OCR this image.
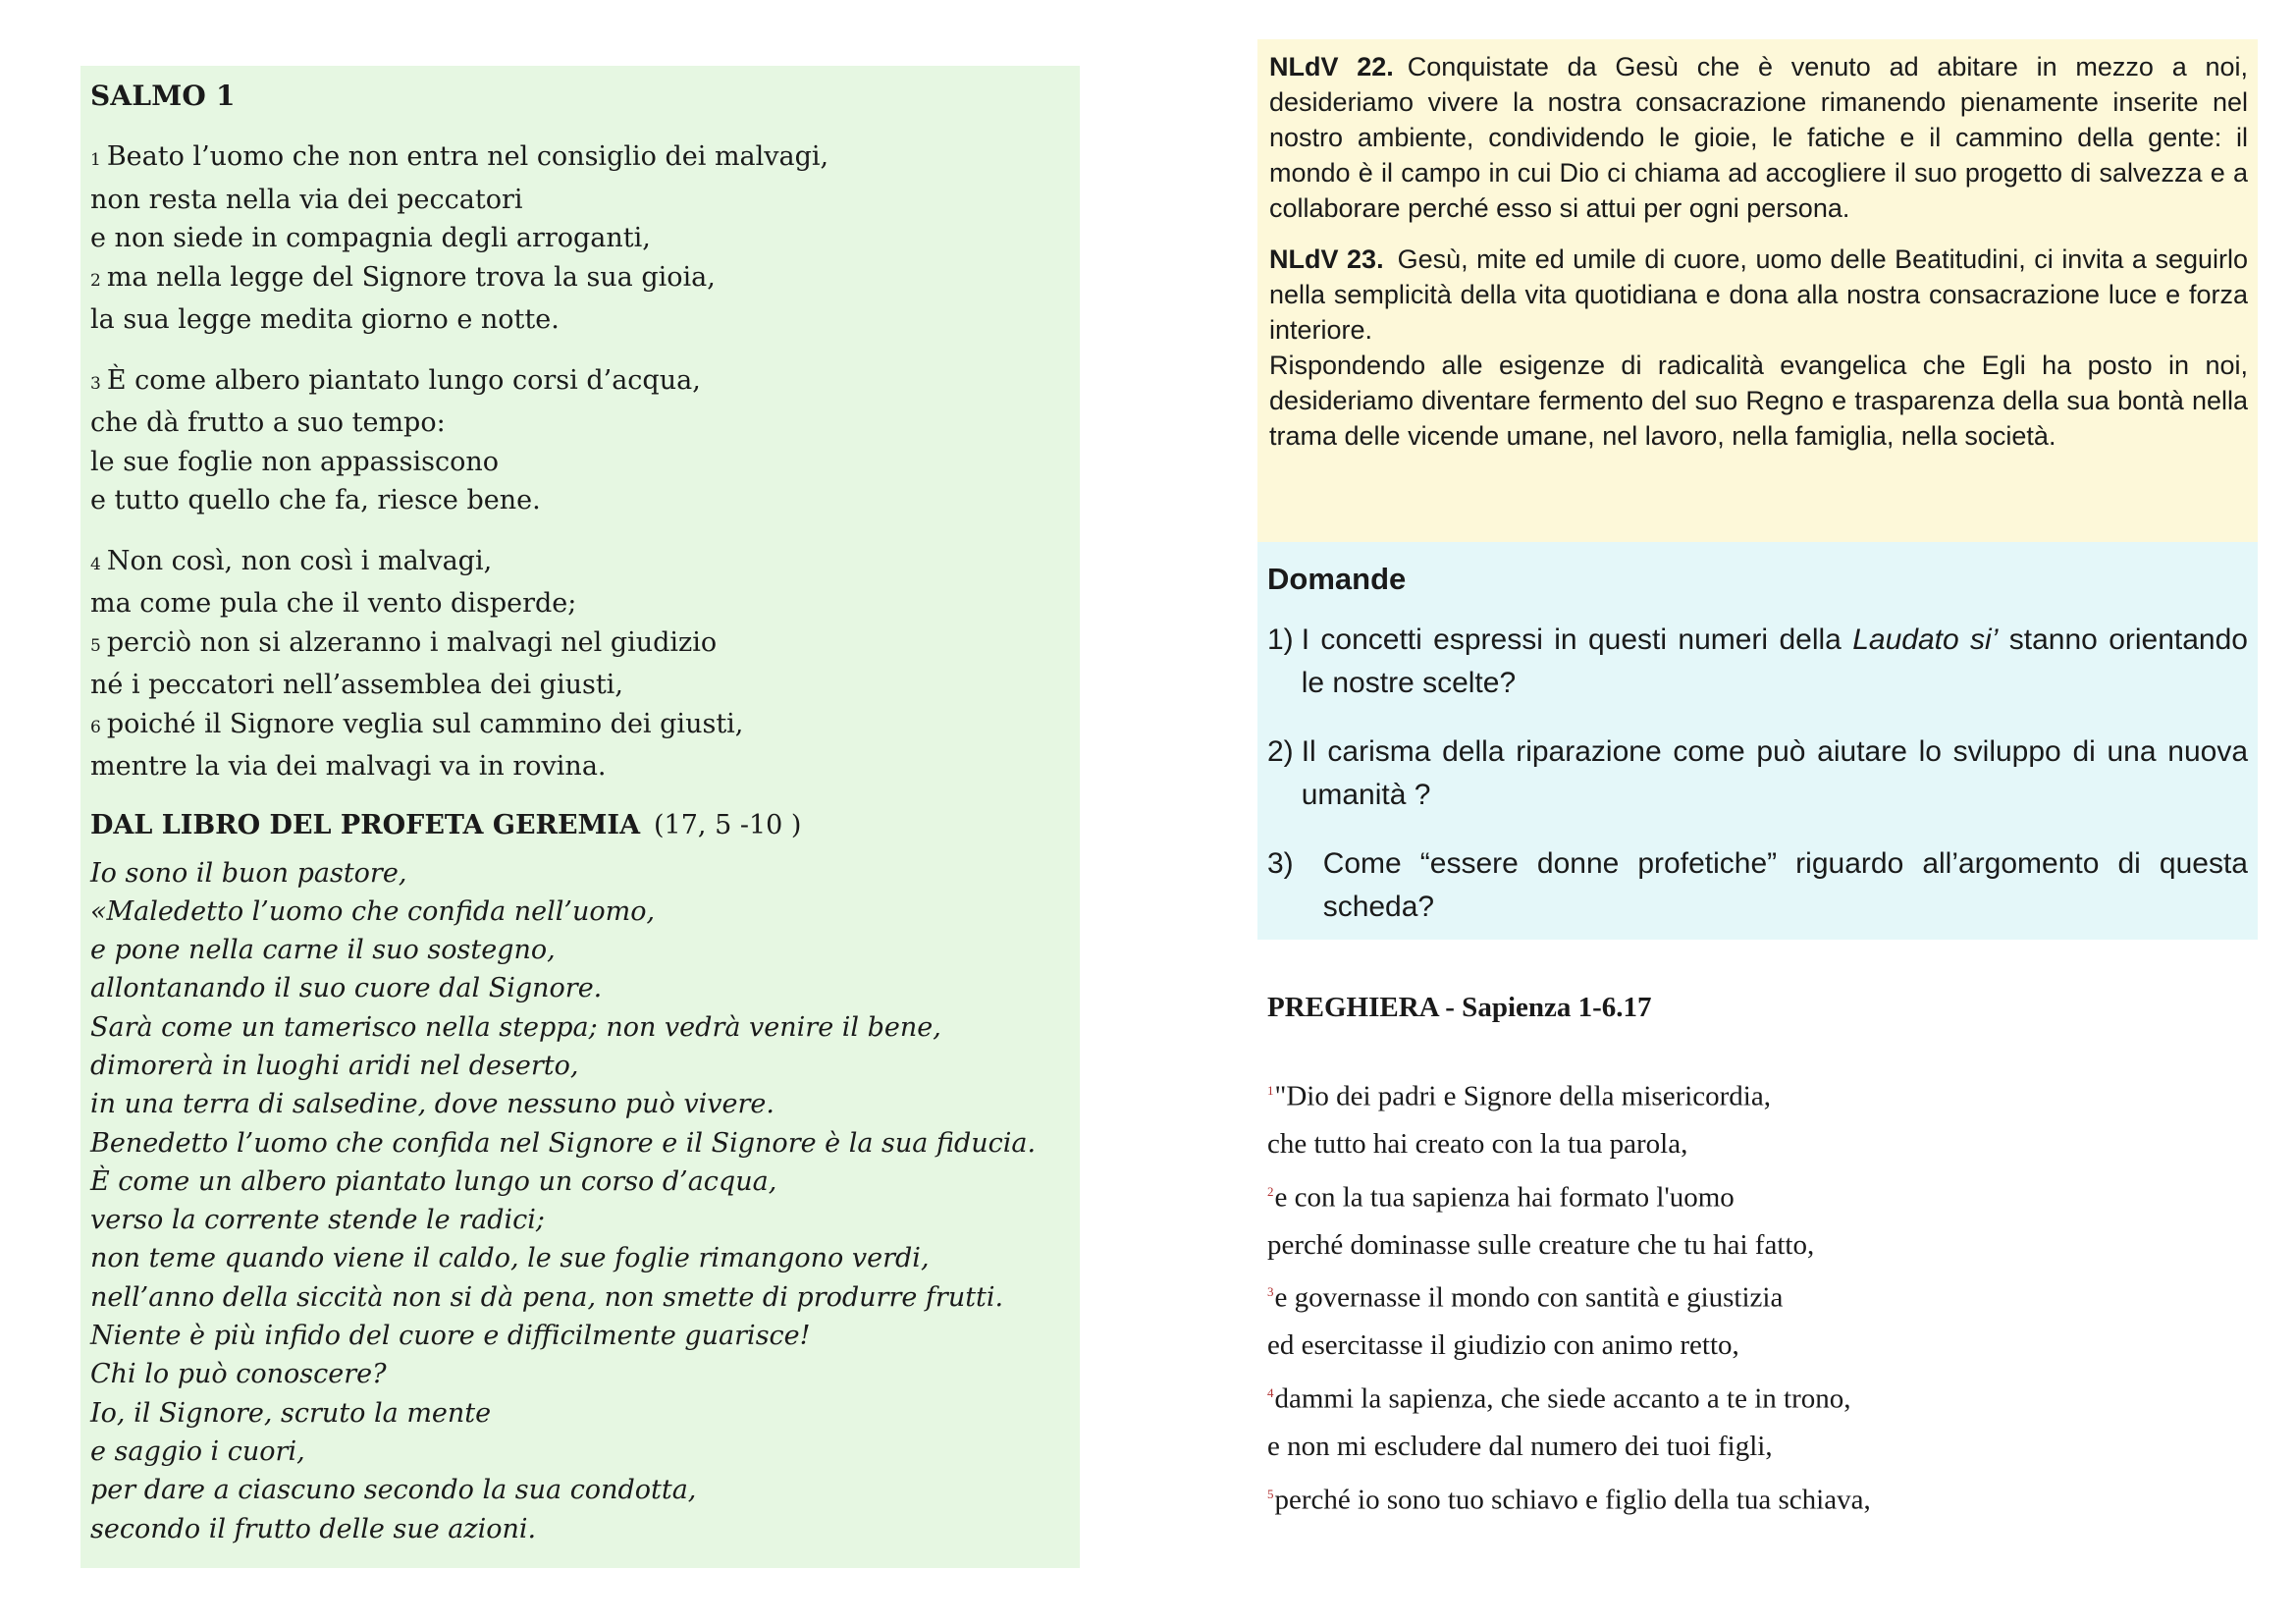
SALMO 1
1 Beato l’uomo che non entra nel consiglio dei malvagi,
non resta nella via dei peccatori
e non siede in compagnia degli arroganti,
2 ma nella legge del Signore trova la sua gioia,
la sua legge medita giorno e notte.
3 È come albero piantato lungo corsi d’acqua,
che dà frutto a suo tempo:
le sue foglie non appassiscono
e tutto quello che fa, riesce bene.
4 Non così, non così i malvagi,
ma come pula che il vento disperde;
5 perciò non si alzeranno i malvagi nel giudizio
né i peccatori nell’assemblea dei giusti,
6 poiché il Signore veglia sul cammino dei giusti,
mentre la via dei malvagi va in rovina.
DAL LIBRO DEL PROFETA GEREMIA (17, 5 -10 )
Io sono il buon pastore,
«Maledetto l’uomo che confida nell’uomo,
e pone nella carne il suo sostegno,
allontanando il suo cuore dal Signore.
Sarà come un tamerisco nella steppa; non vedrà venire il bene,
dimorerà in luoghi aridi nel deserto,
in una terra di salsedine, dove nessuno può vivere.
Benedetto l’uomo che confida nel Signore e il Signore è la sua fiducia.
È come un albero piantato lungo un corso d’acqua,
verso la corrente stende le radici;
non teme quando viene il caldo, le sue foglie rimangono verdi,
nell’anno della siccità non si dà pena, non smette di produrre frutti.
Niente è più infido del cuore e difficilmente guarisce!
Chi lo può conoscere?
Io, il Signore, scruto la mente
e saggio i cuori,
per dare a ciascuno secondo la sua condotta,
secondo il frutto delle sue azioni.
NLdV 22. Conquistate da Gesù che è venuto ad abitare in mezzo a noi, desideriamo vivere la nostra consacrazione rimanendo pienamente inserite nel nostro ambiente, condividendo le gioie, le fatiche e il cammino della gente: il mondo è il campo in cui Dio ci chiama ad accogliere il suo progetto di salvezza e a collaborare perché esso si attui per ogni persona.
NLdV 23. Gesù, mite ed umile di cuore, uomo delle Beatitudini, ci invita a seguirlo nella semplicità della vita quotidiana e dona alla nostra consacrazione luce e forza interiore.
Rispondendo alle esigenze di radicalità evangelica che Egli ha posto in noi, desideriamo diventare fermento del suo Regno e trasparenza della sua bontà nella trama delle vicende umane, nel lavoro, nella famiglia, nella società.
Domande
1) I concetti espressi in questi numeri della Laudato si’ stanno orientando le nostre scelte?
2) Il carisma della riparazione come può aiutare lo sviluppo di una nuova umanità ?
3) Come “essere donne profetiche” riguardo all’argomento di questa scheda?
PREGHIERA - Sapienza 1-6.17
$^1$"Dio dei padri e Signore della misericordia,
che tutto hai creato con la tua parola,
$^2$e con la tua sapienza hai formato l'uomo
perché dominasse sulle creature che tu hai fatto,
$^3$e governasse il mondo con santità e giustizia
ed esercitasse il giudizio con animo retto,
$^4$dammi la sapienza, che siede accanto a te in trono,
e non mi escludere dal numero dei tuoi figli,
$^5$perché io sono tuo schiavo e figlio della tua schiava,
